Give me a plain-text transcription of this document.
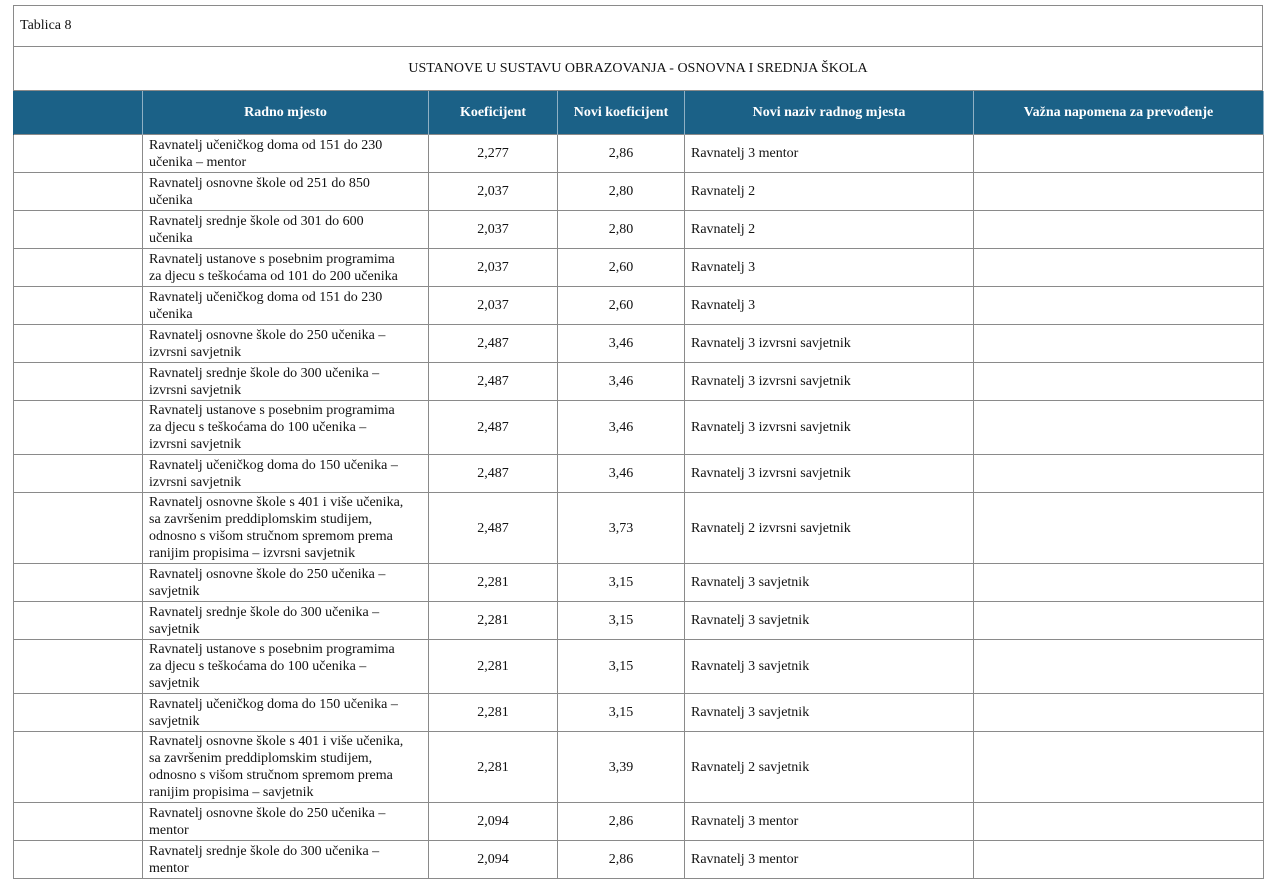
Tablica 8
USTANOVE U SUSTAVU OBRAZOVANJA - OSNOVNA I SREDNJA ŠKOLA
	Radno mjesto	Koeficijent	Novi koeficijent	Novi naziv radnog mjesta	Važna napomena za prevođenje

	Ravnatelj učeničkog doma od 151 do 230
učenika – mentor	2,277	2,86	Ravnatelj 3 mentor	

	Ravnatelj osnovne škole od 251 do 850
učenika	2,037	2,80	Ravnatelj 2	

	Ravnatelj srednje škole od 301 do 600
učenika	2,037	2,80	Ravnatelj 2	

	Ravnatelj ustanove s posebnim programima
za djecu s teškoćama od 101 do 200 učenika	2,037	2,60	Ravnatelj 3	

	Ravnatelj učeničkog doma od 151 do 230
učenika	2,037	2,60	Ravnatelj 3	

	Ravnatelj osnovne škole do 250 učenika –
izvrsni savjetnik	2,487	3,46	Ravnatelj 3 izvrsni savjetnik	

	Ravnatelj srednje škole do 300 učenika –
izvrsni savjetnik	2,487	3,46	Ravnatelj 3 izvrsni savjetnik	

	Ravnatelj ustanove s posebnim programima
za djecu s teškoćama do 100 učenika –
izvrsni savjetnik	2,487	3,46	Ravnatelj 3 izvrsni savjetnik	

	Ravnatelj učeničkog doma do 150 učenika –
izvrsni savjetnik	2,487	3,46	Ravnatelj 3 izvrsni savjetnik	

	Ravnatelj osnovne škole s 401 i više učenika,
sa završenim preddiplomskim studijem,
odnosno s višom stručnom spremom prema
ranijim propisima – izvrsni savjetnik	2,487	3,73	Ravnatelj 2 izvrsni savjetnik	

	Ravnatelj osnovne škole do 250 učenika –
savjetnik	2,281	3,15	Ravnatelj 3 savjetnik	

	Ravnatelj srednje škole do 300 učenika –
savjetnik	2,281	3,15	Ravnatelj 3 savjetnik	

	Ravnatelj ustanove s posebnim programima
za djecu s teškoćama do 100 učenika –
savjetnik	2,281	3,15	Ravnatelj 3 savjetnik	

	Ravnatelj učeničkog doma do 150 učenika –
savjetnik	2,281	3,15	Ravnatelj 3 savjetnik	

	Ravnatelj osnovne škole s 401 i više učenika,
sa završenim preddiplomskim studijem,
odnosno s višom stručnom spremom prema
ranijim propisima – savjetnik	2,281	3,39	Ravnatelj 2 savjetnik	

	Ravnatelj osnovne škole do 250 učenika –
mentor	2,094	2,86	Ravnatelj 3 mentor	

	Ravnatelj srednje škole do 300 učenika –
mentor	2,094	2,86	Ravnatelj 3 mentor	
